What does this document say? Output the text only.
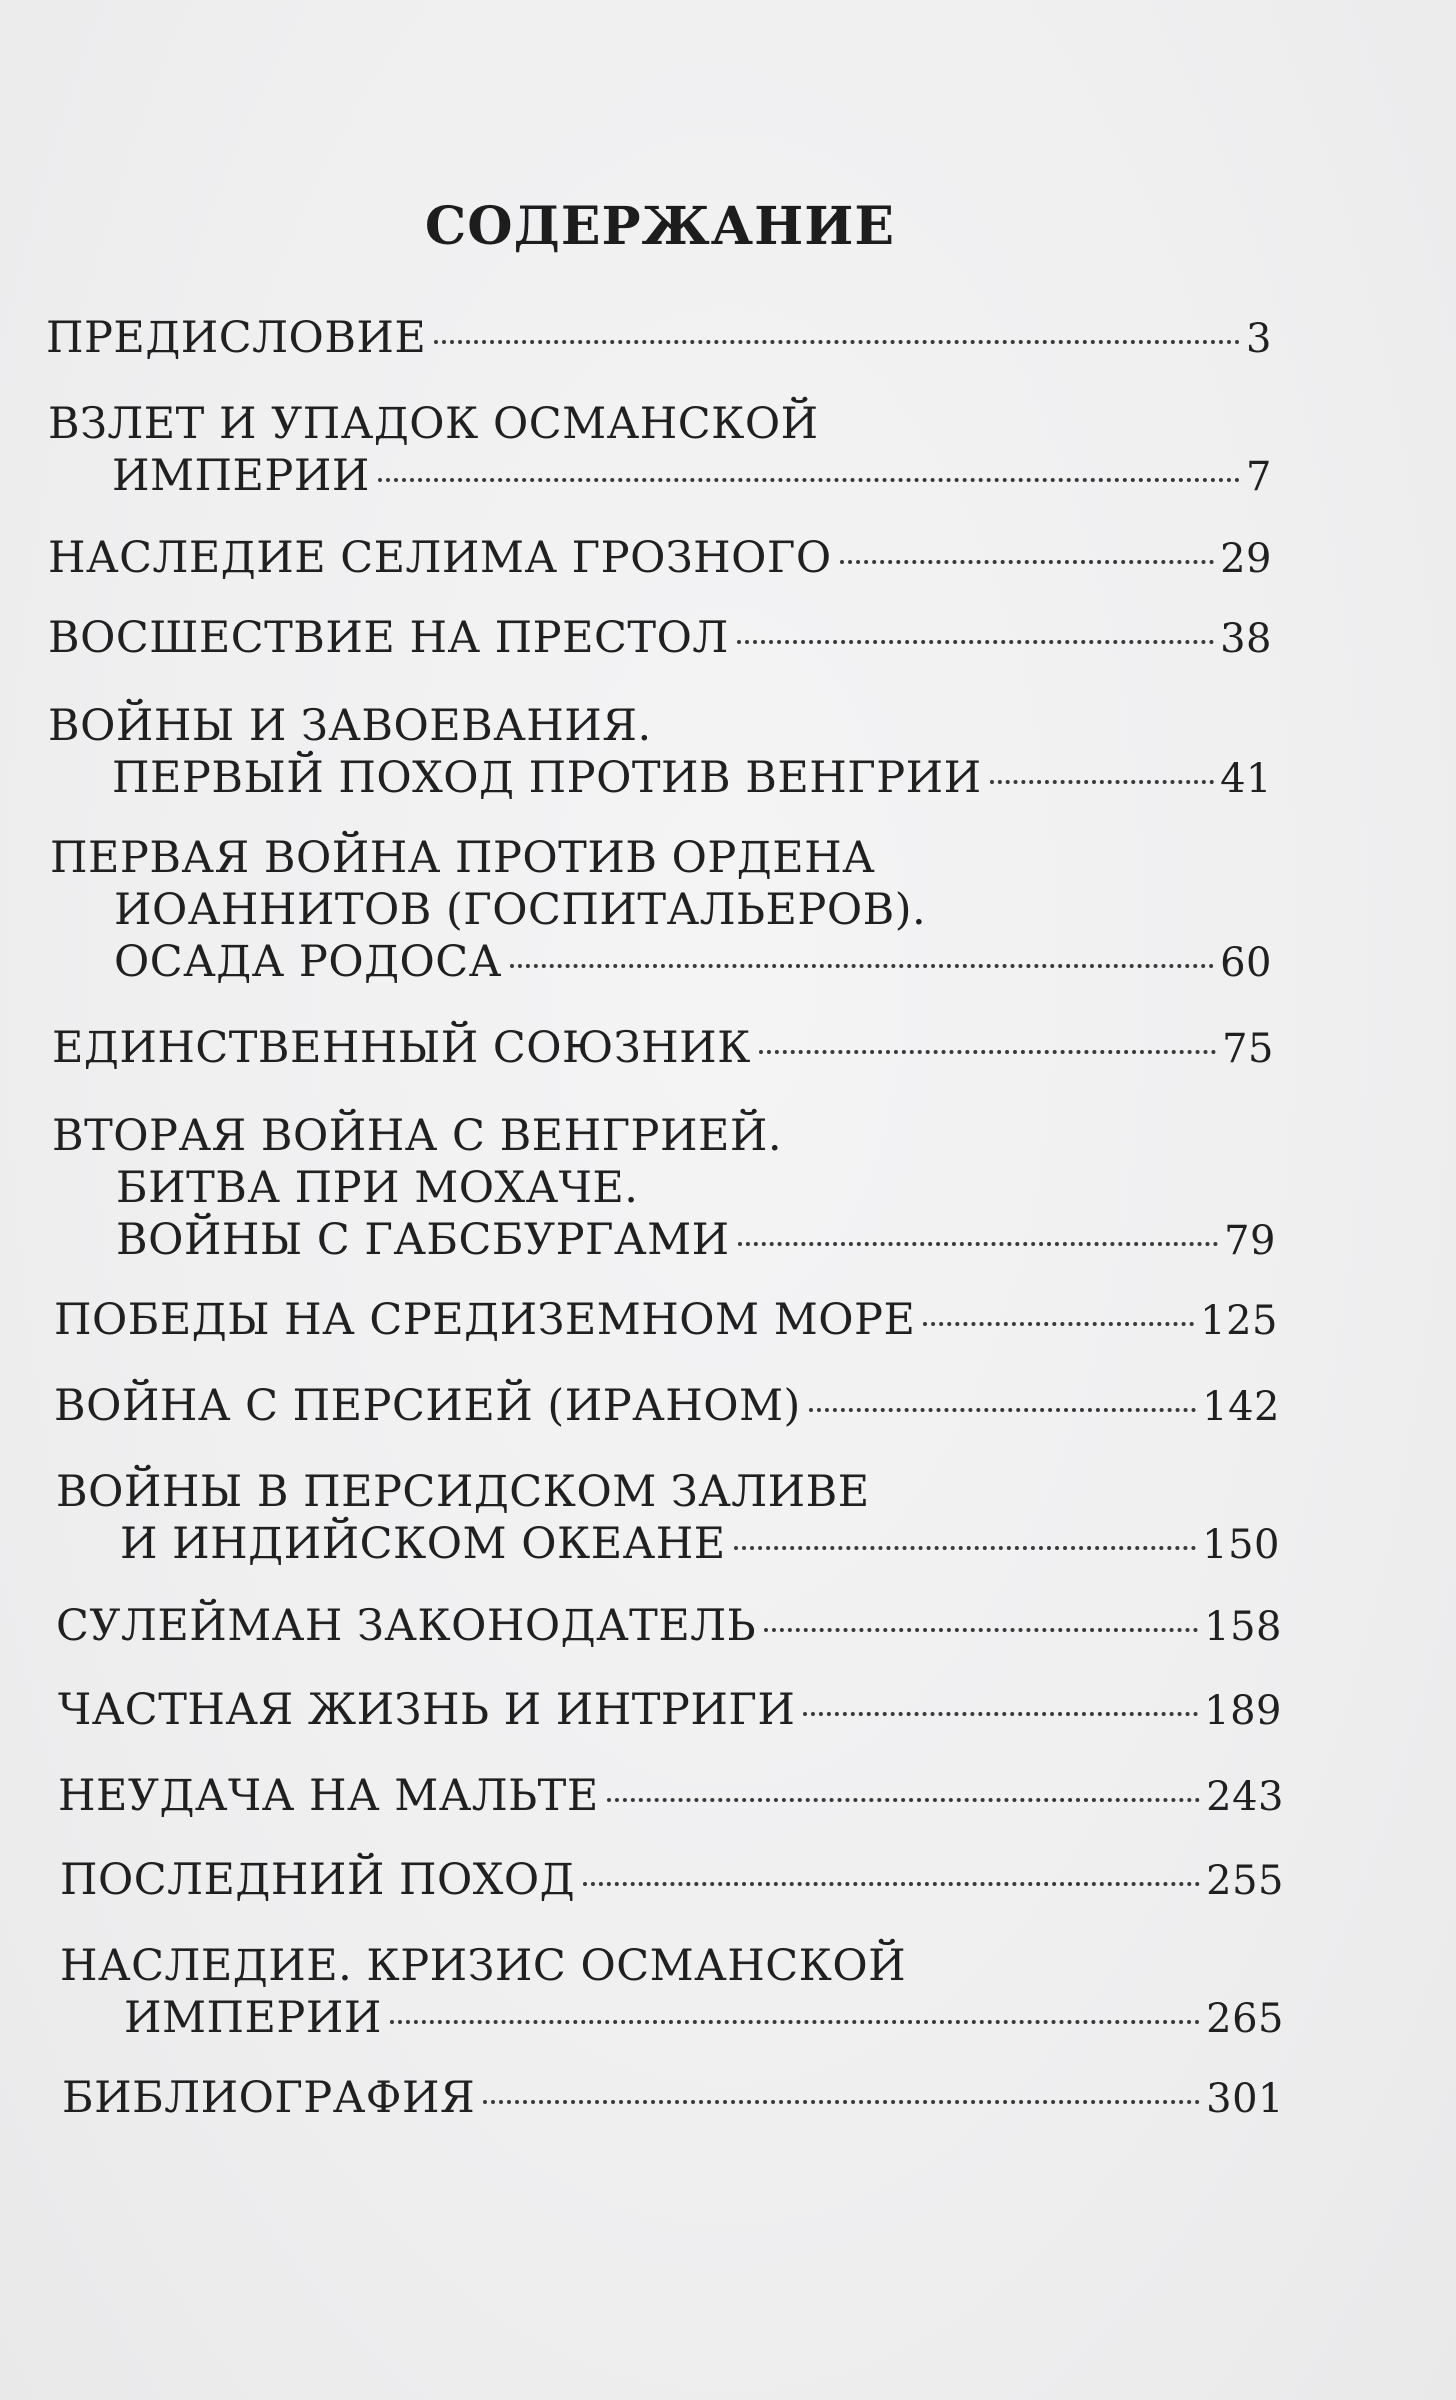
СОДЕРЖАНИЕ
ПРЕДИСЛОВИЕ	3
ВЗЛЕТ И УПАДОК ОСМАНСКОЙ
ИМПЕРИИ	7
НАСЛЕДИЕ СЕЛИМА ГРОЗНОГО	29
ВОСШЕСТВИЕ НА ПРЕСТОЛ	38
ВОЙНЫ И ЗАВОЕВАНИЯ.
ПЕРВЫЙ ПОХОД ПРОТИВ ВЕНГРИИ	41
ПЕРВАЯ ВОЙНА ПРОТИВ ОРДЕНА
ИОАННИТОВ (ГОСПИТАЛЬЕРОВ).
ОСАДА РОДОСА	60
ЕДИНСТВЕННЫЙ СОЮЗНИК	75
ВТОРАЯ ВОЙНА С ВЕНГРИЕЙ.
БИТВА ПРИ МОХАЧЕ.
ВОЙНЫ С ГАБСБУРГАМИ	79
ПОБЕДЫ НА СРЕДИЗЕМНОМ МОРЕ	125
ВОЙНА С ПЕРСИЕЙ (ИРАНОМ)	142
ВОЙНЫ В ПЕРСИДСКОМ ЗАЛИВЕ
И ИНДИЙСКОМ ОКЕАНЕ	150
СУЛЕЙМАН ЗАКОНОДАТЕЛЬ	158
ЧАСТНАЯ ЖИЗНЬ И ИНТРИГИ	189
НЕУДАЧА НА МАЛЬТЕ	243
ПОСЛЕДНИЙ ПОХОД	255
НАСЛЕДИЕ. КРИЗИС ОСМАНСКОЙ
ИМПЕРИИ	265
БИБЛИОГРАФИЯ	301
